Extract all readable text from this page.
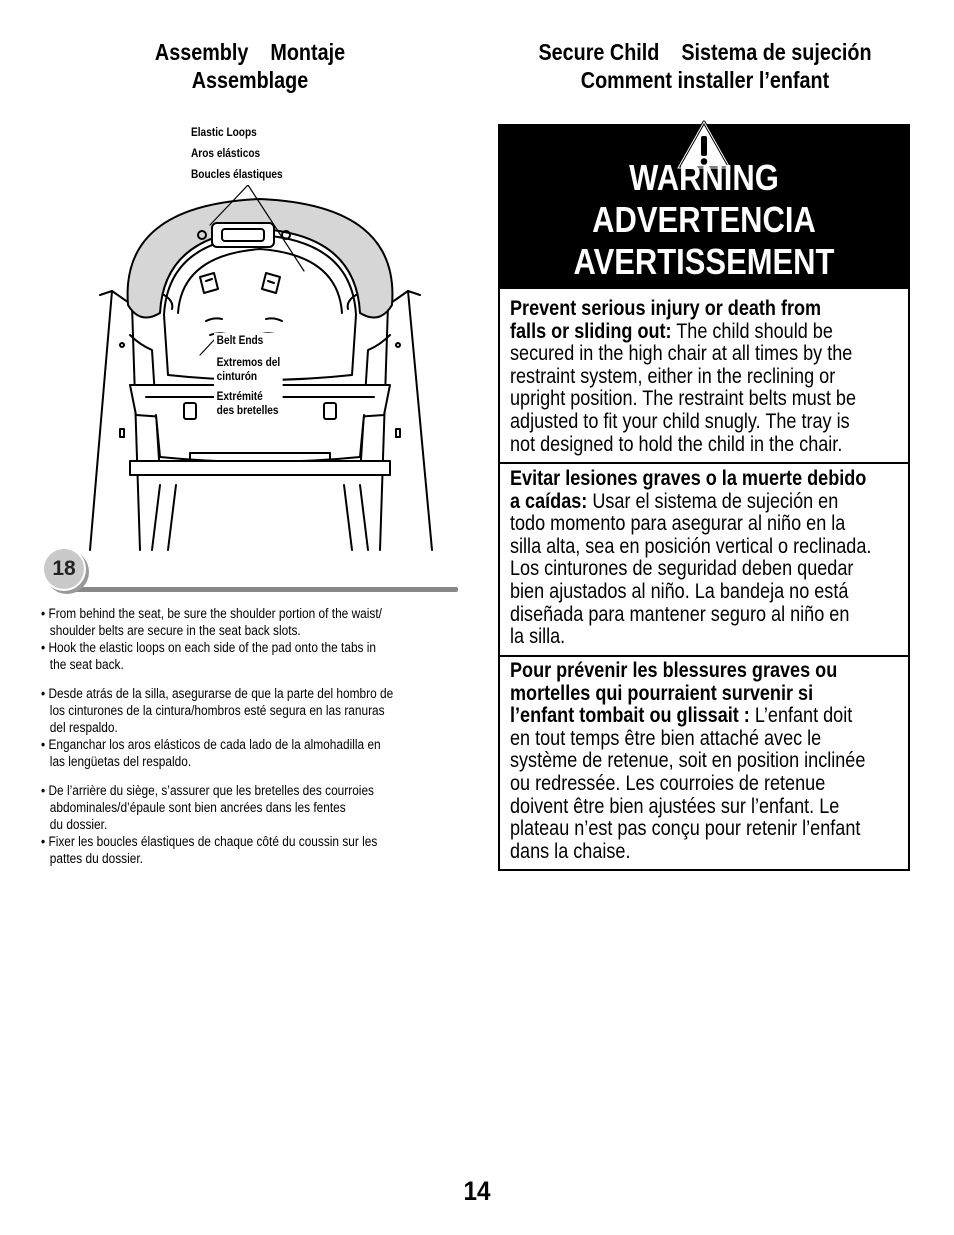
Assembly Montaje
Assemblage
Secure Child Sistema de sujeción
Comment installer l’enfant
Elastic Loops
Aros elásticos
Boucles élastiques
Belt Ends
Extremos del
cinturón
Extrémité
des bretelles
18
• From behind the seat, be sure the shoulder portion of the waist/
shoulder belts are secure in the seat back slots.
• Hook the elastic loops on each side of the pad onto the tabs in
the seat back.
• Desde atrás de la silla, asegurarse de que la parte del hombro de
los cinturones de la cintura/hombros esté segura en las ranuras
del respaldo.
• Enganchar los aros elásticos de cada lado de la almohadilla en
las lengüetas del respaldo.
• De l’arrière du siège, s’assurer que les bretelles des courroies
abdominales/d’épaule sont bien ancrées dans les fentes
du dossier.
• Fixer les boucles élastiques de chaque côté du coussin sur les
pattes du dossier.
WARNING
ADVERTENCIA
AVERTISSEMENT
Prevent serious injury or death from
falls or sliding out: The child should be
secured in the high chair at all times by the
restraint system, either in the reclining or
upright position. The restraint belts must be
adjusted to fit your child snugly. The tray is
not designed to hold the child in the chair.
Evitar lesiones graves o la muerte debido
a caídas: Usar el sistema de sujeción en
todo momento para asegurar al niño en la
silla alta, sea en posición vertical o reclinada.
Los cinturones de seguridad deben quedar
bien ajustados al niño. La bandeja no está
diseñada para mantener seguro al niño en
la silla.
Pour prévenir les blessures graves ou
mortelles qui pourraient survenir si
l’enfant tombait ou glissait : L’enfant doit
en tout temps être bien attaché avec le
système de retenue, soit en position inclinée
ou redressée. Les courroies de retenue
doivent être bien ajustées sur l’enfant. Le
plateau n’est pas conçu pour retenir l’enfant
dans la chaise.
14
